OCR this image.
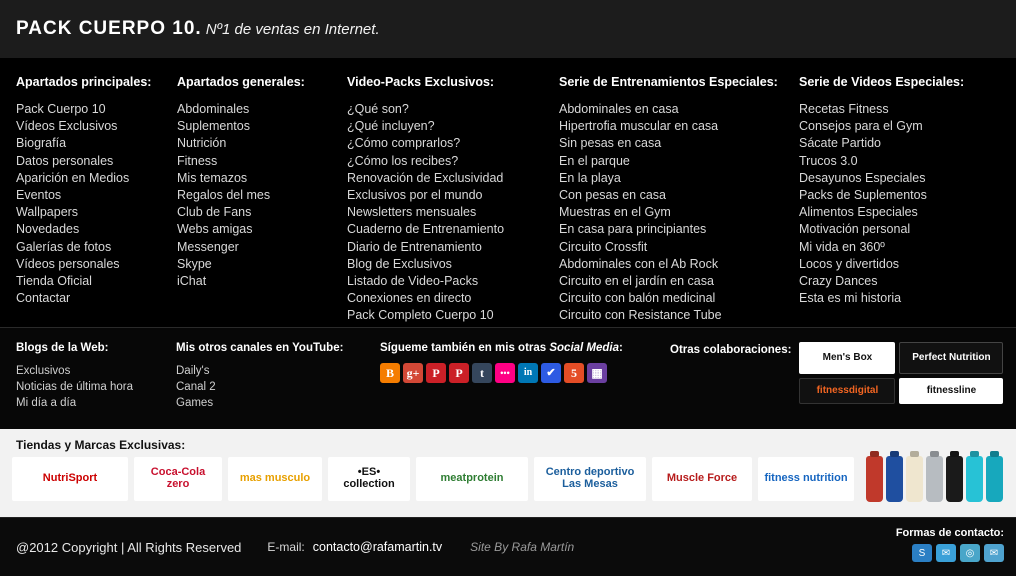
PACK CUERPO 10. Nº1 de ventas en Internet.
Apartados principales:
Pack Cuerpo 10
Vídeos Exclusivos
Biografía
Datos personales
Aparición en Medios
Eventos
Wallpapers
Novedades
Galerías de fotos
Vídeos personales
Tienda Oficial
Contactar
Apartados generales:
Abdominales
Suplementos
Nutrición
Fitness
Mis temazos
Regalos del mes
Club de Fans
Webs amigas
Messenger
Skype
iChat
Video-Packs Exclusivos:
¿Qué son?
¿Qué incluyen?
¿Cómo comprarlos?
¿Cómo los recibes?
Renovación de Exclusividad
Exclusivos por el mundo
Newsletters mensuales
Cuaderno de Entrenamiento
Diario de Entrenamiento
Blog de Exclusivos
Listado de Video-Packs
Conexiones en directo
Pack Completo Cuerpo 10
Serie de Entrenamientos Especiales:
Abdominales en casa
Hipertrofia muscular en casa
Sin pesas en casa
En el parque
En la playa
Con pesas en casa
Muestras en el Gym
En casa para principiantes
Circuito Crossfit
Abdominales con el Ab Rock
Circuito en el jardín en casa
Circuito con balón medicinal
Circuito con Resistance Tube
Serie de Videos Especiales:
Recetas Fitness
Consejos para el Gym
Sácate Partido
Trucos 3.0
Desayunos Especiales
Packs de Suplementos
Alimentos Especiales
Motivación personal
Mi vida en 360º
Locos y divertidos
Crazy Dances
Esta es mi historia
Blogs de la Web:
Exclusivos
Noticias de última hora
Mi día a día
Mis otros canales en YouTube:
Daily's
Canal 2
Games
Sígueme también en mis otras Social Media:
B	g+	P	P	t	•••	in	✔	5	▦
Otras colaboraciones:
Men's Box	Perfect Nutrition
fitnessdigital	fitnessline
Tiendas y Marcas Exclusivas:
NutriSport	Coca-Cola zero	mas musculo	•ES• collection	meatprotein	Centro deportivo Las Mesas	Muscle Force	fitness nutrition
@2012 Copyright | All Rights Reserved E-mail: contacto@rafamartin.tv Site By Rafa Martín
Formas de contacto:
S	✉	◎	✉
